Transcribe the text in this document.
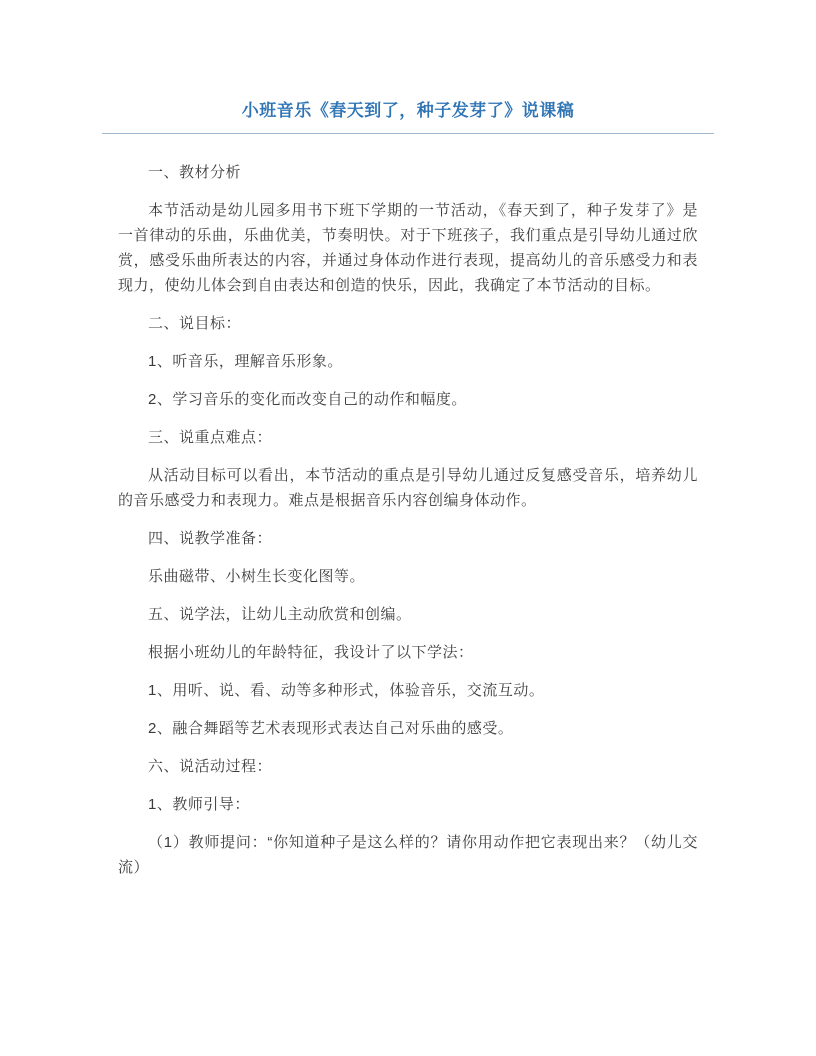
小班音乐《春天到了，种子发芽了》说课稿

一、教材分析

本节活动是幼儿园多用书下班下学期的一节活动，《春天到了，种子发芽了》是一首律动的乐曲，乐曲优美，节奏明快。对于下班孩子，我们重点是引导幼儿通过欣赏，感受乐曲所表达的内容，并通过身体动作进行表现，提高幼儿的音乐感受力和表现力，使幼儿体会到自由表达和创造的快乐，因此，我确定了本节活动的目标。

二、说目标：

1、听音乐，理解音乐形象。

2、学习音乐的变化而改变自己的动作和幅度。

三、说重点难点：

从活动目标可以看出，本节活动的重点是引导幼儿通过反复感受音乐，培养幼儿的音乐感受力和表现力。难点是根据音乐内容创编身体动作。

四、说教学准备：

乐曲磁带、小树生长变化图等。

五、说学法，让幼儿主动欣赏和创编。

根据小班幼儿的年龄特征，我设计了以下学法：

1、用听、说、看、动等多种形式，体验音乐，交流互动。

2、融合舞蹈等艺术表现形式表达自己对乐曲的感受。

六、说活动过程：

1、教师引导：

（1）教师提问：“你知道种子是这么样的？请你用动作把它表现出来？（幼儿交流）
